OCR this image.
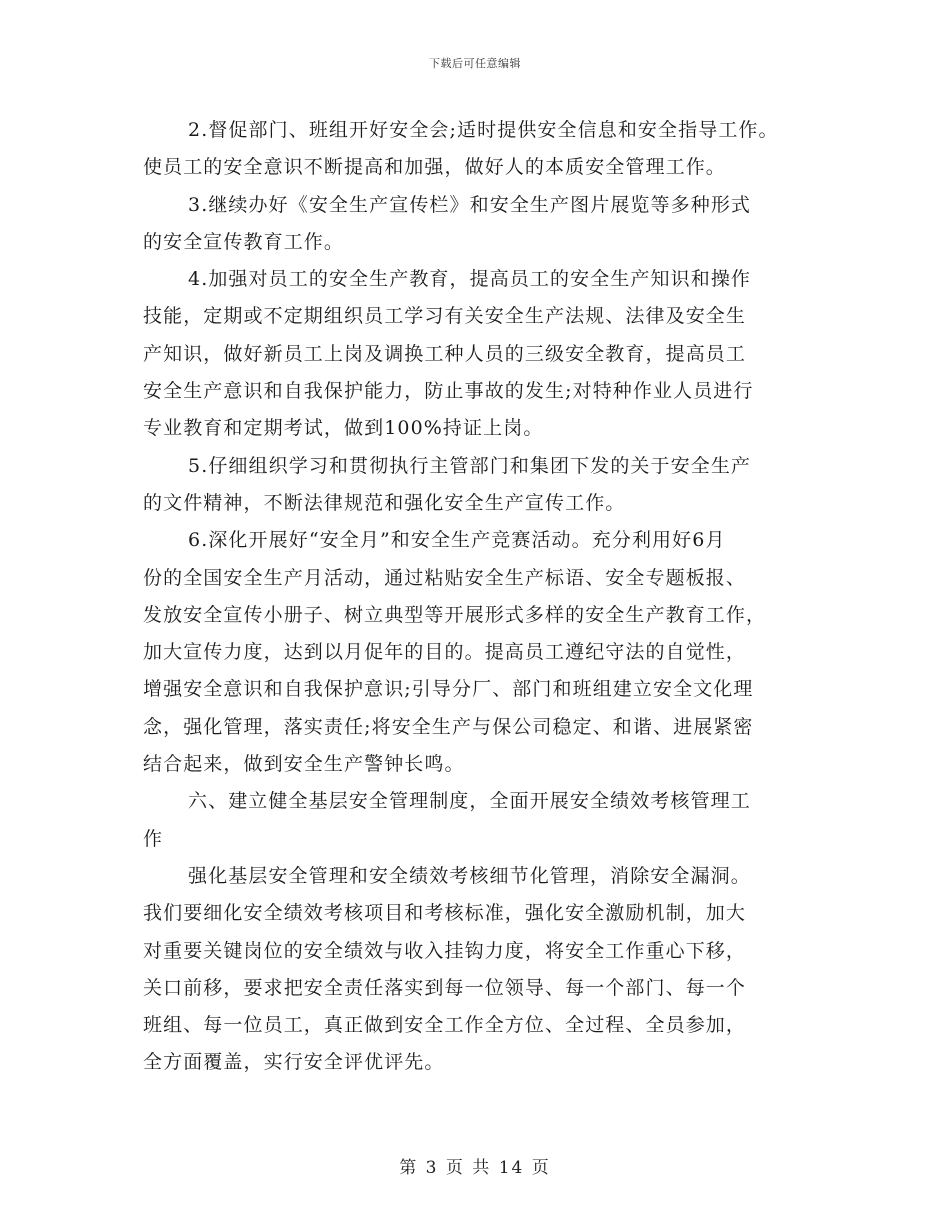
下载后可任意编辑
2.督促部门、班组开好安全会;适时提供安全信息和安全指导工作。
使员工的安全意识不断提高和加强，做好人的本质安全管理工作。
3.继续办好《安全生产宣传栏》和安全生产图片展览等多种形式
的安全宣传教育工作。
4.加强对员工的安全生产教育，提高员工的安全生产知识和操作
技能，定期或不定期组织员工学习有关安全生产法规、法律及安全生
产知识，做好新员工上岗及调换工种人员的三级安全教育，提高员工
安全生产意识和自我保护能力，防止事故的发生;对特种作业人员进行
专业教育和定期考试，做到100%持证上岗。
5.仔细组织学习和贯彻执行主管部门和集团下发的关于安全生产
的文件精神，不断法律规范和强化安全生产宣传工作。
6.深化开展好“安全月”和安全生产竞赛活动。充分利用好6月
份的全国安全生产月活动，通过粘贴安全生产标语、安全专题板报、
发放安全宣传小册子、树立典型等开展形式多样的安全生产教育工作，
加大宣传力度，达到以月促年的目的。提高员工遵纪守法的自觉性，
增强安全意识和自我保护意识;引导分厂、部门和班组建立安全文化理
念，强化管理，落实责任;将安全生产与保公司稳定、和谐、进展紧密
结合起来，做到安全生产警钟长鸣。
六、建立健全基层安全管理制度，全面开展安全绩效考核管理工
作
强化基层安全管理和安全绩效考核细节化管理，消除安全漏洞。
我们要细化安全绩效考核项目和考核标准，强化安全激励机制，加大
对重要关键岗位的安全绩效与收入挂钩力度，将安全工作重心下移，
关口前移，要求把安全责任落实到每一位领导、每一个部门、每一个
班组、每一位员工，真正做到安全工作全方位、全过程、全员参加，
全方面覆盖，实行安全评优评先。
第 3 页 共 14 页
